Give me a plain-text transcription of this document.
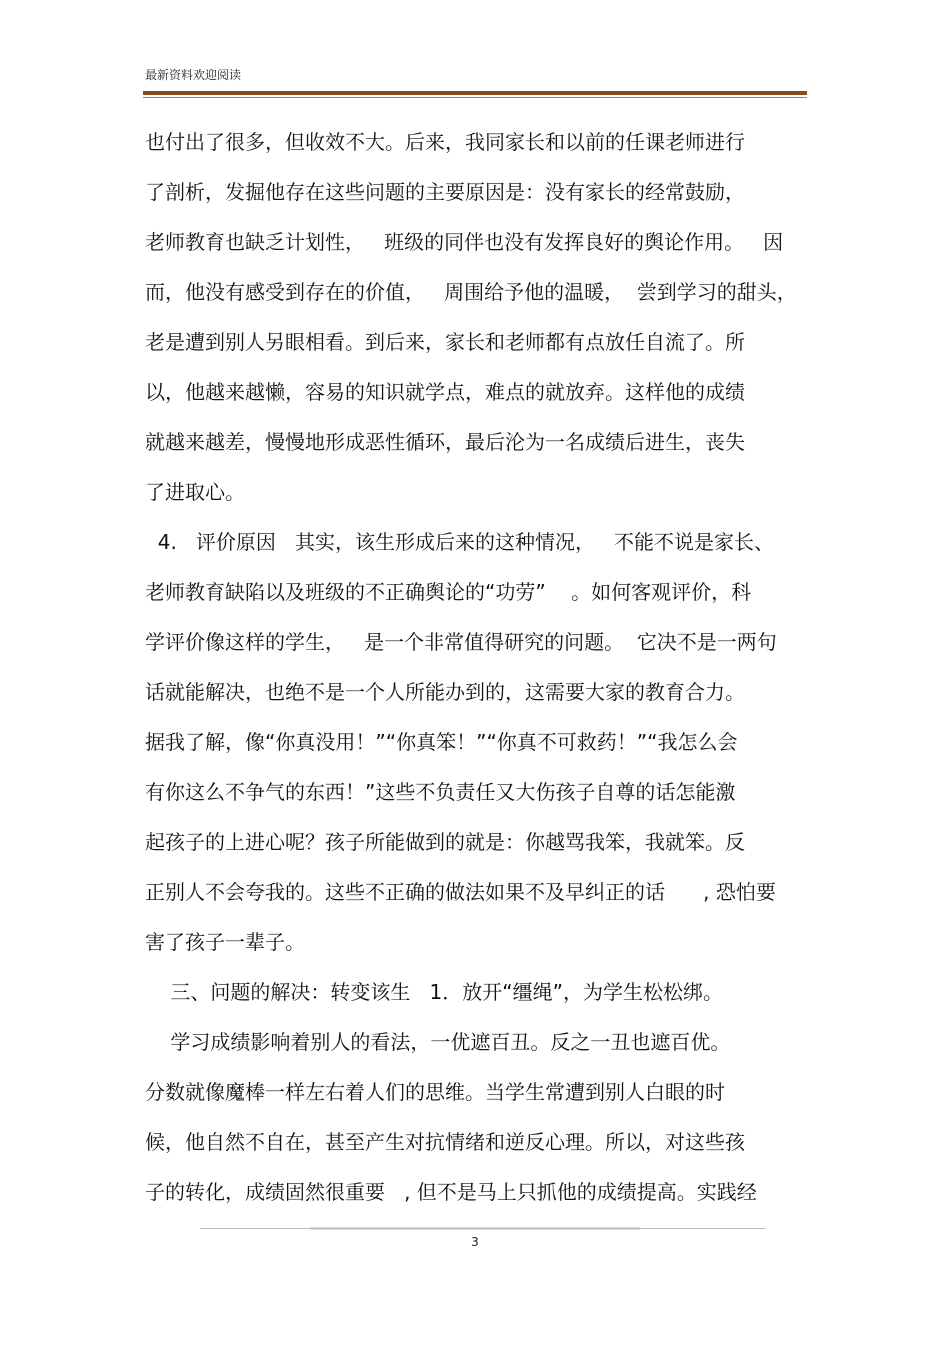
最新资料欢迎阅读
也付出了很多，但收效不大。后来，我同家长和以前的任课老师进行
了剖析，发掘他存在这些问题的主要原因是：没有家长的经常鼓励，
老师教育也缺乏计划性，   班级的同伴也没有发挥良好的舆论作用。   因
而，他没有感受到存在的价值，   周围给予他的温暖，  尝到学习的甜头，
老是遭到别人另眼相看。到后来，家长和老师都有点放任自流了。所
以，他越来越懒，容易的知识就学点，难点的就放弃。这样他的成绩
就越来越差，慢慢地形成恶性循环，最后沦为一名成绩后进生，丧失
了进取心。
4.   评价原因   其实，该生形成后来的这种情况，   不能不说是家长、
老师教育缺陷以及班级的不正确舆论的“功劳”    。如何客观评价，科
学评价像这样的学生，   是一个非常值得研究的问题。  它决不是一两句
话就能解决，也绝不是一个人所能办到的，这需要大家的教育合力。
据我了解，像“你真没用！”“你真笨！”“你真不可救药！”“我怎么会
有你这么不争气的东西！”这些不负责任又大伤孩子自尊的话怎能激
起孩子的上进心呢？孩子所能做到的就是：你越骂我笨，我就笨。反
正别人不会夸我的。这些不正确的做法如果不及早纠正的话      , 恐怕要
害了孩子一辈子。
三、问题的解决：转变该生   1．放开“缰绳”，为学生松松绑。
学习成绩影响着别人的看法，一优遮百丑。反之一丑也遮百优。
分数就像魔棒一样左右着人们的思维。当学生常遭到别人白眼的时
候，他自然不自在，甚至产生对抗情绪和逆反心理。所以，对这些孩
子的转化，成绩固然很重要   , 但不是马上只抓他的成绩提高。实践经
3
